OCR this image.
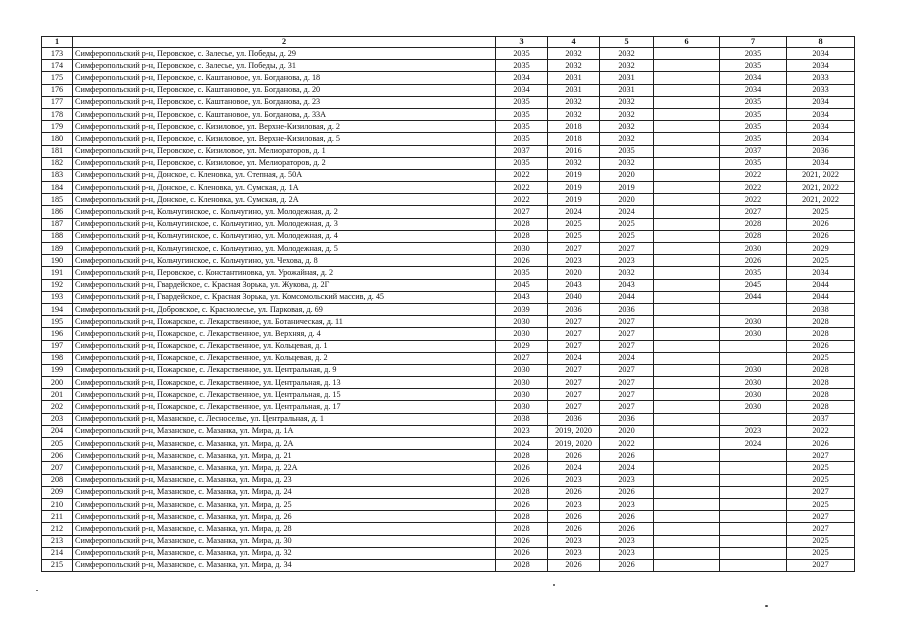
1	2	3	4	5	6	7	8
173	Симферопольский р-н, Перовское, с. Залесье, ул. Победы, д. 29	2035	2032	2032		2035	2034
174	Симферопольский р-н, Перовское, с. Залесье, ул. Победы, д. 31	2035	2032	2032		2035	2034
175	Симферопольский р-н, Перовское, с. Каштановое, ул. Богданова, д. 18	2034	2031	2031		2034	2033
176	Симферопольский р-н, Перовское, с. Каштановое, ул. Богданова, д. 20	2034	2031	2031		2034	2033
177	Симферопольский р-н, Перовское, с. Каштановое, ул. Богданова, д. 23	2035	2032	2032		2035	2034
178	Симферопольский р-н, Перовское, с. Каштановое, ул. Богданова, д. 33А	2035	2032	2032		2035	2034
179	Симферопольский р-н, Перовское, с. Кизиловое, ул. Верхне-Кизиловая, д. 2	2035	2018	2032		2035	2034
180	Симферопольский р-н, Перовское, с. Кизиловое, ул. Верхне-Кизиловая, д. 5	2035	2018	2032		2035	2034
181	Симферопольский р-н, Перовское, с. Кизиловое, ул. Мелиораторов, д. 1	2037	2016	2035		2037	2036
182	Симферопольский р-н, Перовское, с. Кизиловое, ул. Мелиораторов, д. 2	2035	2032	2032		2035	2034
183	Симферопольский р-н, Донское, с. Кленовка, ул. Степная, д. 50А	2022	2019	2020		2022	2021, 2022
184	Симферопольский р-н, Донское, с. Кленовка, ул. Сумская, д. 1А	2022	2019	2019		2022	2021, 2022
185	Симферопольский р-н, Донское, с. Кленовка, ул. Сумская, д. 2А	2022	2019	2020		2022	2021, 2022
186	Симферопольский р-н, Кольчугинское, с. Кольчугино, ул. Молодежная, д. 2	2027	2024	2024		2027	2025
187	Симферопольский р-н, Кольчугинское, с. Кольчугино, ул. Молодежная, д. 3	2028	2025	2025		2028	2026
188	Симферопольский р-н, Кольчугинское, с. Кольчугино, ул. Молодежная, д. 4	2028	2025	2025		2028	2026
189	Симферопольский р-н, Кольчугинское, с. Кольчугино, ул. Молодежная, д. 5	2030	2027	2027		2030	2029
190	Симферопольский р-н, Кольчугинское, с. Кольчугино, ул. Чехова, д. 8	2026	2023	2023		2026	2025
191	Симферопольский р-н, Перовское, с. Константиновка, ул. Урожайная, д. 2	2035	2020	2032		2035	2034
192	Симферопольский р-н, Гвардейское, с. Красная Зорька, ул. Жукова, д. 2Г	2045	2043	2043		2045	2044
193	Симферопольский р-н, Гвардейское, с. Красная Зорька, ул. Комсомольский массив, д. 45	2043	2040	2044		2044	2044
194	Симферопольский р-н, Добровское, с. Краснолесье, ул. Парковая, д. 69	2039	2036	2036			2038
195	Симферопольский р-н, Пожарское, с. Лекарственное, ул. Ботаническая, д. 11	2030	2027	2027		2030	2028
196	Симферопольский р-н, Пожарское, с. Лекарственное, ул. Верхняя, д. 4	2030	2027	2027		2030	2028
197	Симферопольский р-н, Пожарское, с. Лекарственное, ул. Кольцевая, д. 1	2029	2027	2027			2026
198	Симферопольский р-н, Пожарское, с. Лекарственное, ул. Кольцевая, д. 2	2027	2024	2024			2025
199	Симферопольский р-н, Пожарское, с. Лекарственное, ул. Центральная, д. 9	2030	2027	2027		2030	2028
200	Симферопольский р-н, Пожарское, с. Лекарственное, ул. Центральная, д. 13	2030	2027	2027		2030	2028
201	Симферопольский р-н, Пожарское, с. Лекарственное, ул. Центральная, д. 15	2030	2027	2027		2030	2028
202	Симферопольский р-н, Пожарское, с. Лекарственное, ул. Центральная, д. 17	2030	2027	2027		2030	2028
203	Симферопольский р-н, Мазанское, с. Лесноселье, ул. Центральная, д. 1	2038	2036	2036			2037
204	Симферопольский р-н, Мазанское, с. Мазанка, ул. Мира, д. 1А	2023	2019, 2020	2020		2023	2022
205	Симферопольский р-н, Мазанское, с. Мазанка, ул. Мира, д. 2А	2024	2019, 2020	2022		2024	2026
206	Симферопольский р-н, Мазанское, с. Мазанка, ул. Мира, д. 21	2028	2026	2026			2027
207	Симферопольский р-н, Мазанское, с. Мазанка, ул. Мира, д. 22А	2026	2024	2024			2025
208	Симферопольский р-н, Мазанское, с. Мазанка, ул. Мира, д. 23	2026	2023	2023			2025
209	Симферопольский р-н, Мазанское, с. Мазанка, ул. Мира, д. 24	2028	2026	2026			2027
210	Симферопольский р-н, Мазанское, с. Мазанка, ул. Мира, д. 25	2026	2023	2023			2025
211	Симферопольский р-н, Мазанское, с. Мазанка, ул. Мира, д. 26	2028	2026	2026			2027
212	Симферопольский р-н, Мазанское, с. Мазанка, ул. Мира, д. 28	2028	2026	2026			2027
213	Симферопольский р-н, Мазанское, с. Мазанка, ул. Мира, д. 30	2026	2023	2023			2025
214	Симферопольский р-н, Мазанское, с. Мазанка, ул. Мира, д. 32	2026	2023	2023			2025
215	Симферопольский р-н, Мазанское, с. Мазанка, ул. Мира, д. 34	2028	2026	2026			2027
